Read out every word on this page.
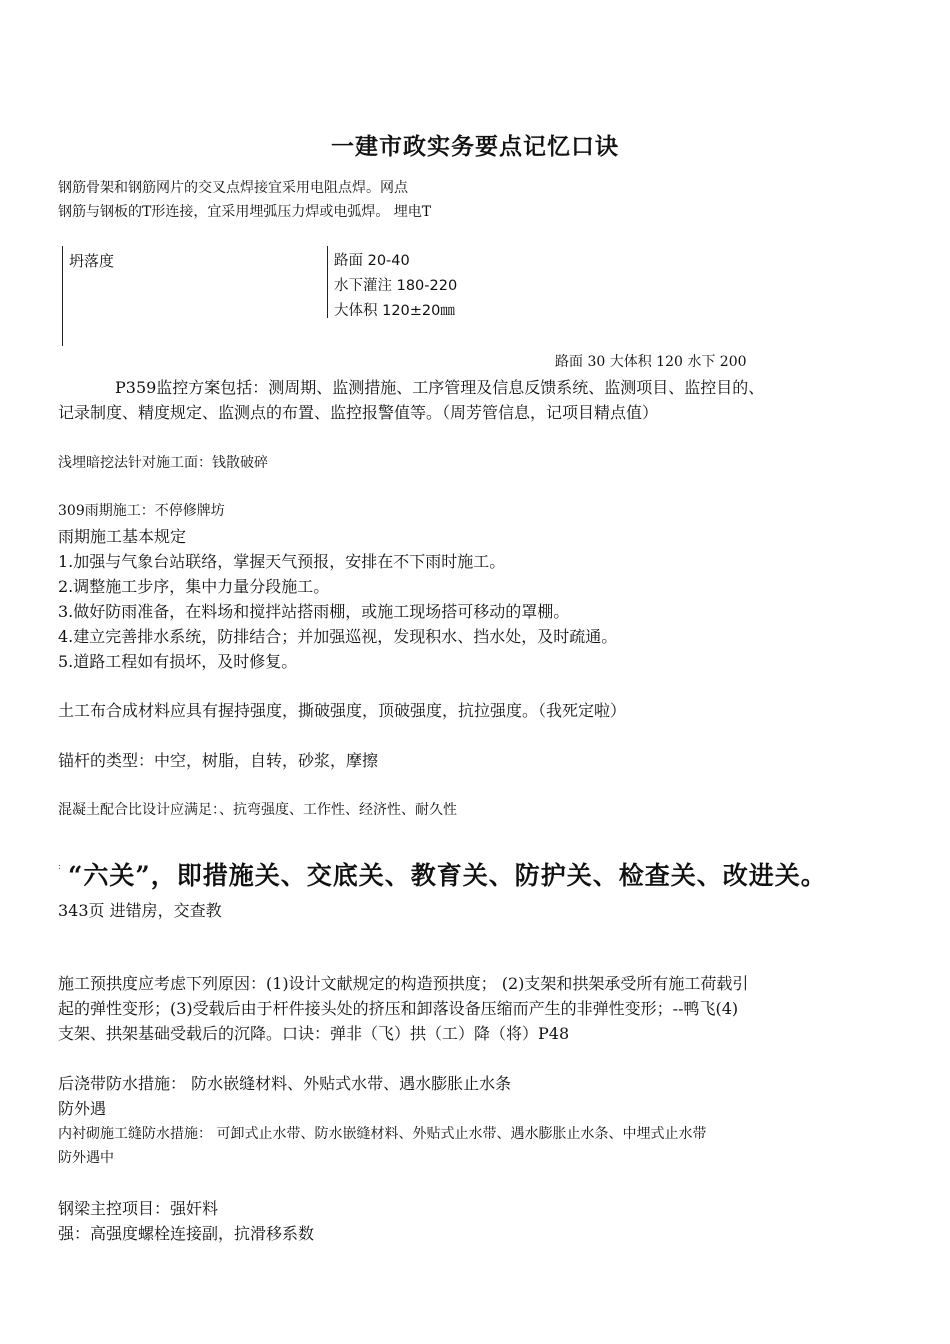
一建市政实务要点记忆口诀
钢筋骨架和钢筋网片的交叉点焊接宜采用电阻点焊。网点
钢筋与钢板的T形连接，宜采用埋弧压力焊或电弧焊。 埋电T
坍落度	路面 20-40
水下灌注 180-220
大体积 120±20㎜
路面 30 大体积 120 水下 200
P359监控方案包括：测周期、监测措施、工序管理及信息反馈系统、监测项目、监控目的、
记录制度、精度规定、监测点的布置、监控报警值等。（周芳管信息，记项目精点值）
浅埋暗挖法针对施工面：钱散破碎
309雨期施工：不停修牌坊
雨期施工基本规定
1.加强与气象台站联络，掌握天气预报，安排在不下雨时施工。
2.调整施工步序，集中力量分段施工。
3.做好防雨准备，在料场和搅拌站搭雨棚，或施工现场搭可移动的罩棚。
4.建立完善排水系统，防排结合；并加强巡视，发现积水、挡水处，及时疏通。
5.道路工程如有损坏，及时修复。
土工布合成材料应具有握持强度，撕破强度，顶破强度，抗拉强度。（我死定啦）
锚杆的类型：中空，树脂，自转，砂浆，摩擦
混凝土配合比设计应满足：、抗弯强度、工作性、经济性、耐久性
: “六关”，即措施关、交底关、教育关、防护关、检查关、改进关。
343页 进错房，交查教
施工预拱度应考虑下列原因：(1)设计文献规定的构造预拱度； (2)支架和拱架承受所有施工荷载引
起的弹性变形；(3)受载后由于杆件接头处的挤压和卸落设备压缩而产生的非弹性变形；--鸭飞(4)
支架、拱架基础受载后的沉降。口诀：弹非（飞）拱（工）降（将）P48
后浇带防水措施： 防水嵌缝材料、外贴式水带、遇水膨胀止水条
防外遇
内衬砌施工缝防水措施： 可卸式止水带、防水嵌缝材料、外贴式止水带、遇水膨胀止水条、中埋式止水带
防外遇中
钢梁主控项目：强奸料
强：高强度螺栓连接副，抗滑移系数
